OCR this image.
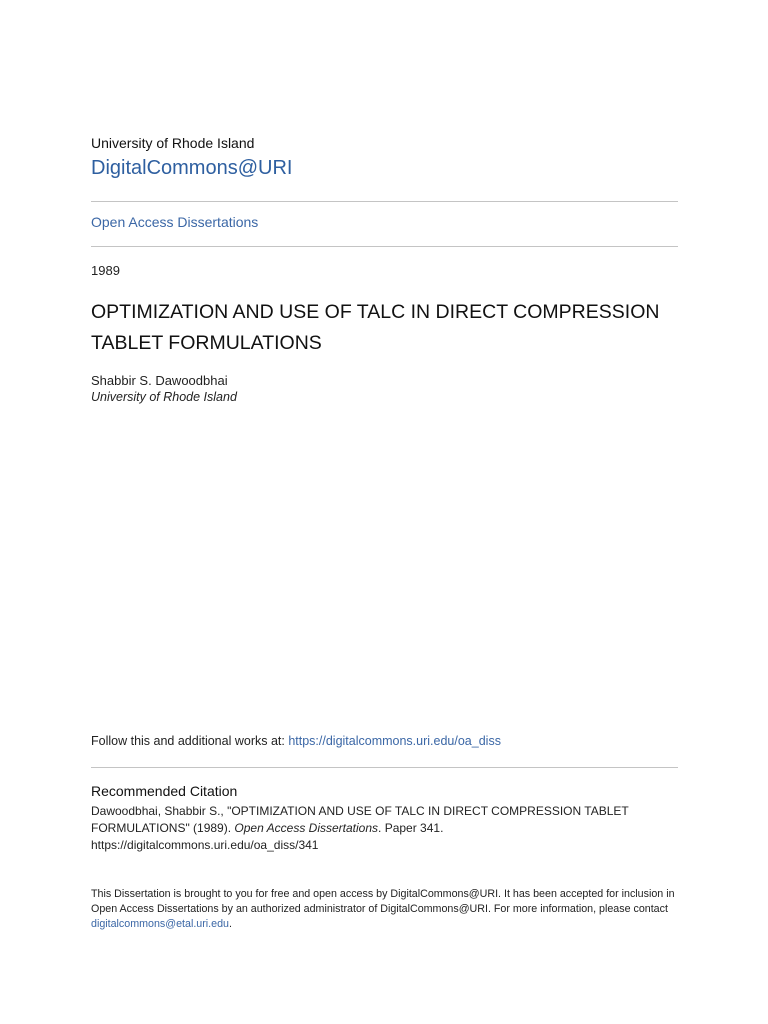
University of Rhode Island
DigitalCommons@URI
Open Access Dissertations
1989
OPTIMIZATION AND USE OF TALC IN DIRECT COMPRESSION TABLET FORMULATIONS
Shabbir S. Dawoodbhai
University of Rhode Island
Follow this and additional works at: https://digitalcommons.uri.edu/oa_diss
Recommended Citation
Dawoodbhai, Shabbir S., "OPTIMIZATION AND USE OF TALC IN DIRECT COMPRESSION TABLET FORMULATIONS" (1989). Open Access Dissertations. Paper 341.
https://digitalcommons.uri.edu/oa_diss/341
This Dissertation is brought to you for free and open access by DigitalCommons@URI. It has been accepted for inclusion in Open Access Dissertations by an authorized administrator of DigitalCommons@URI. For more information, please contact digitalcommons@etal.uri.edu.
